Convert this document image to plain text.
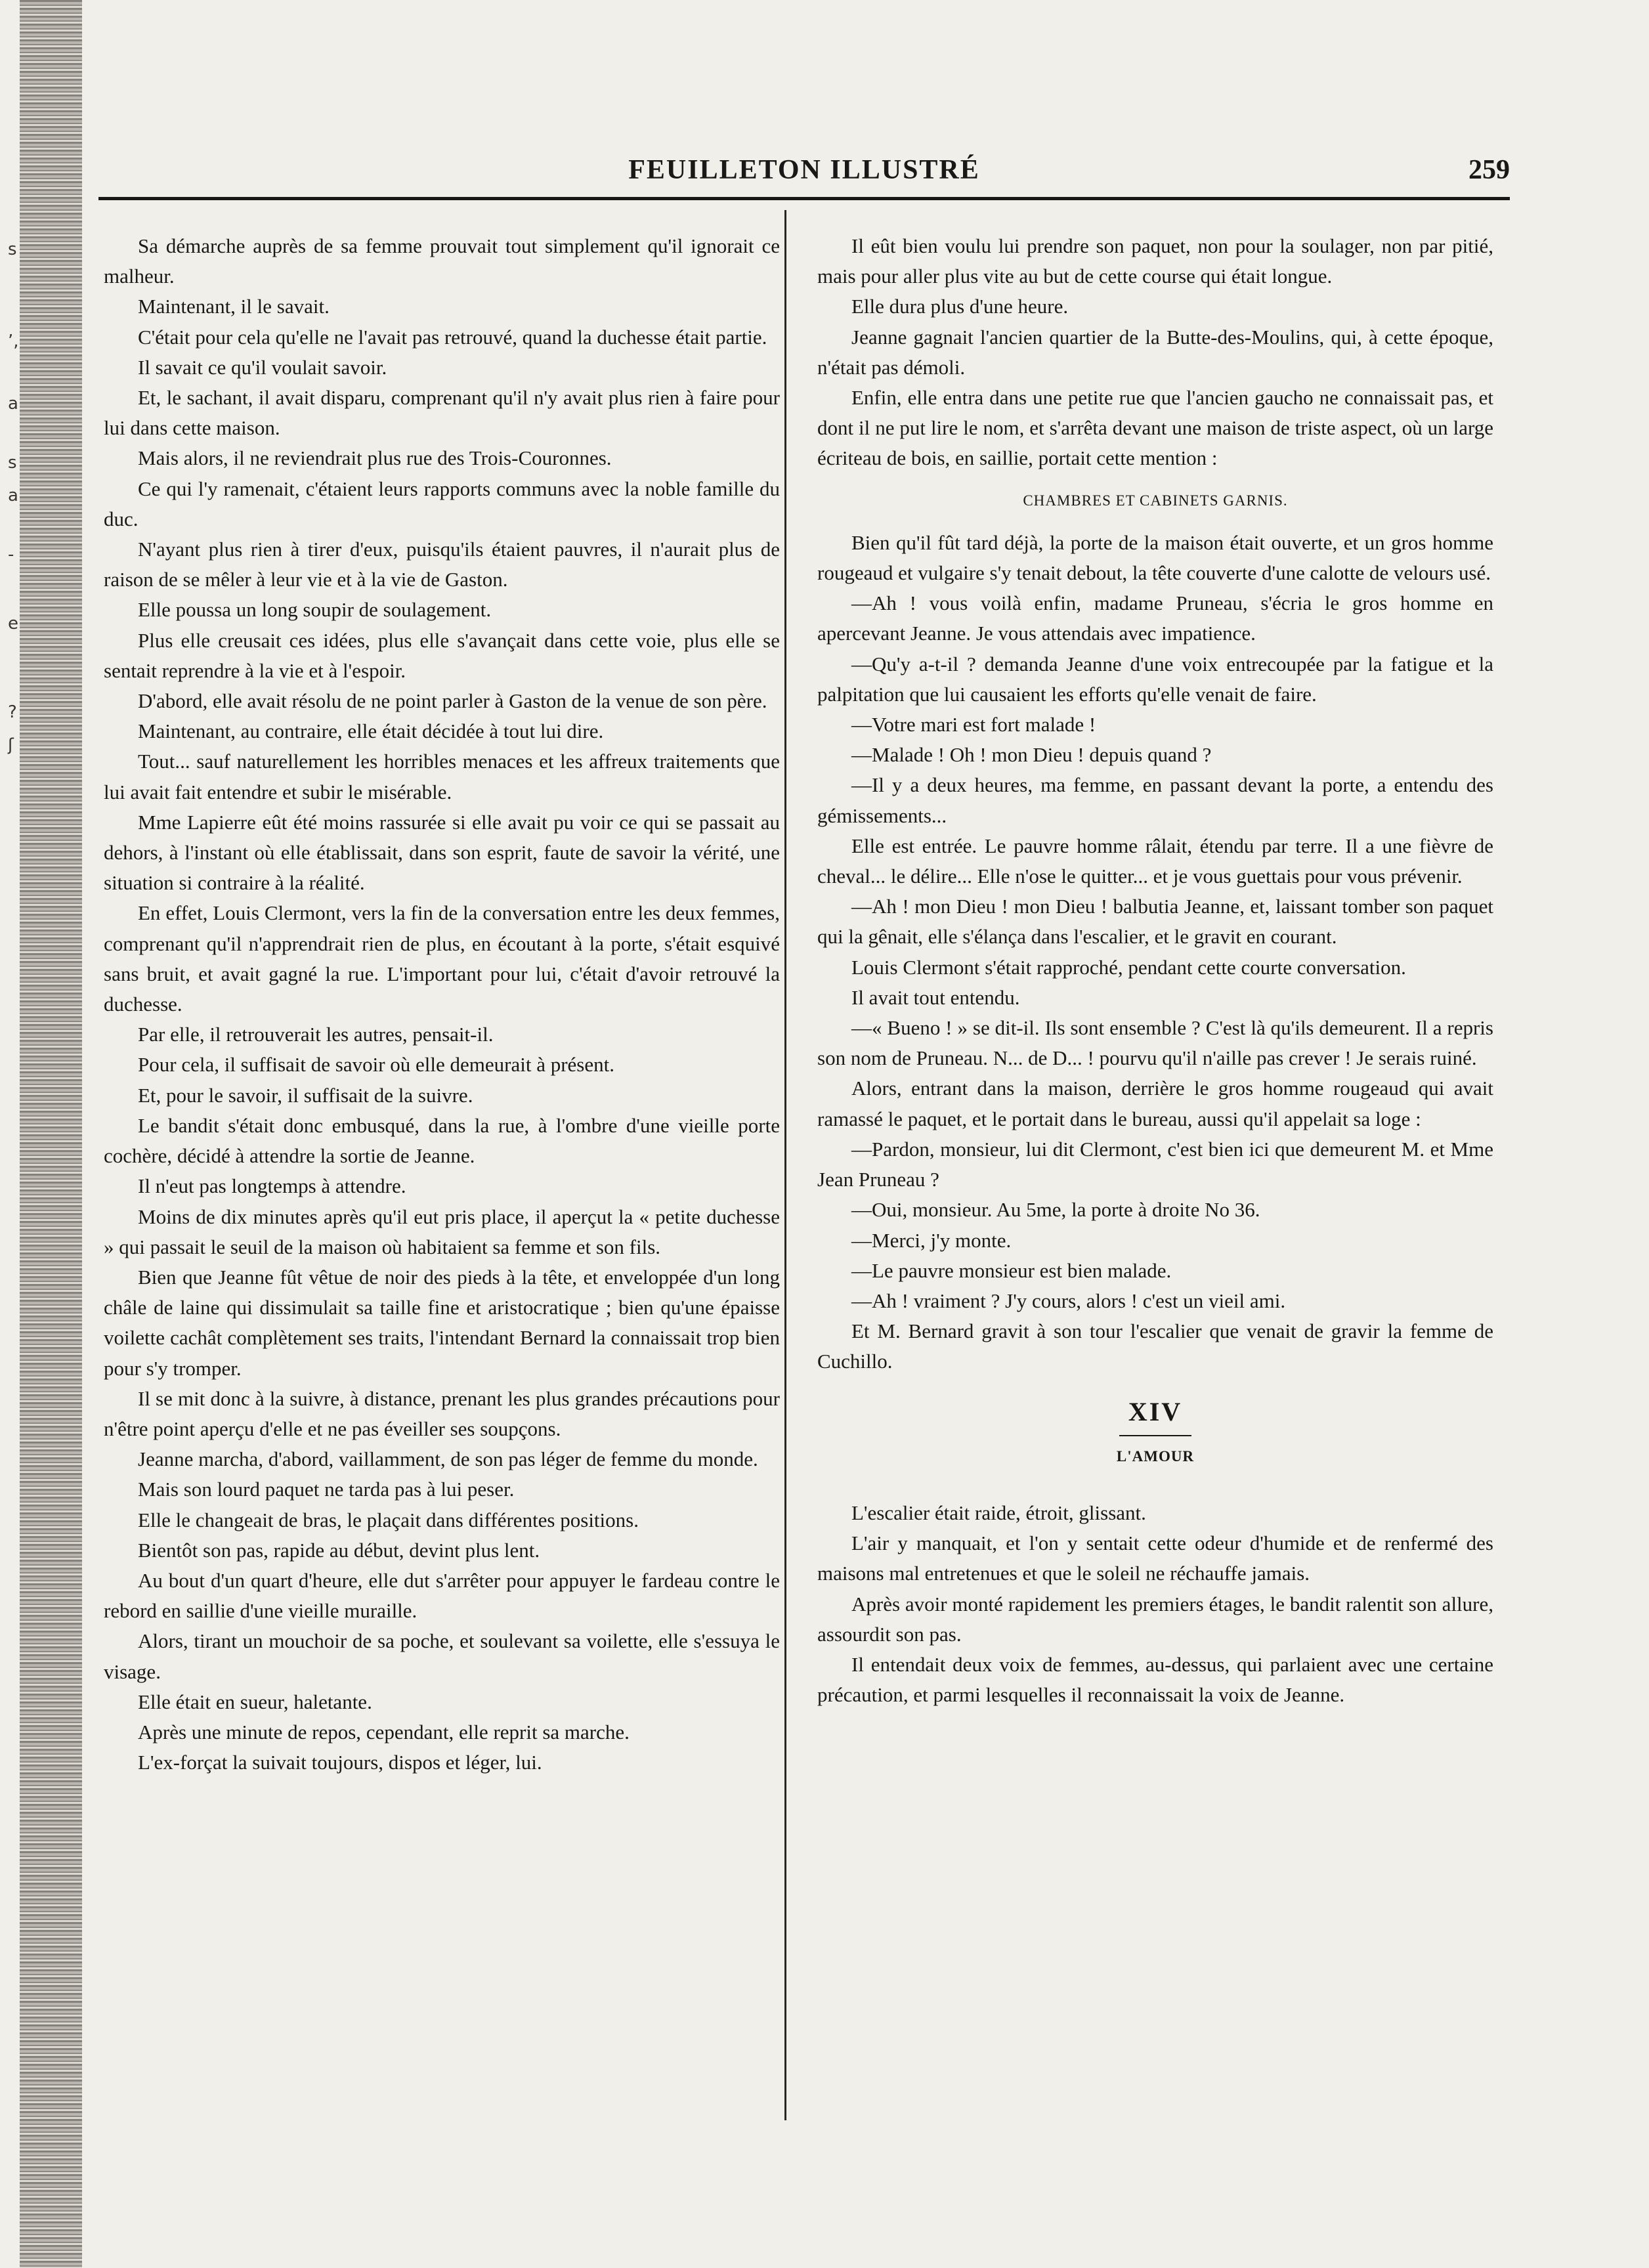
s
’,
a
s
a
-
e
?
ʃ
FEUILLETON ILLUSTRÉ	259

Sa démarche auprès de sa femme prouvait tout simplement qu'il ignorait ce malheur.

Maintenant, il le savait.

C'était pour cela qu'elle ne l'avait pas retrouvé, quand la duchesse était partie.

Il savait ce qu'il voulait savoir.

Et, le sachant, il avait disparu, comprenant qu'il n'y avait plus rien à faire pour lui dans cette maison.

Mais alors, il ne reviendrait plus rue des Trois-Couronnes.

Ce qui l'y ramenait, c'étaient leurs rapports communs avec la noble famille du duc.

N'ayant plus rien à tirer d'eux, puisqu'ils étaient pauvres, il n'aurait plus de raison de se mêler à leur vie et à la vie de Gaston.

Elle poussa un long soupir de soulagement.

Plus elle creusait ces idées, plus elle s'avançait dans cette voie, plus elle se sentait reprendre à la vie et à l'espoir.

D'abord, elle avait résolu de ne point parler à Gaston de la venue de son père.

Maintenant, au contraire, elle était décidée à tout lui dire.

Tout... sauf naturellement les horribles menaces et les affreux traitements que lui avait fait entendre et subir le misérable.

Mme Lapierre eût été moins rassurée si elle avait pu voir ce qui se passait au dehors, à l'instant où elle établissait, dans son esprit, faute de savoir la vérité, une situation si contraire à la réalité.

En effet, Louis Clermont, vers la fin de la conversation entre les deux femmes, comprenant qu'il n'apprendrait rien de plus, en écoutant à la porte, s'était esquivé sans bruit, et avait gagné la rue. L'important pour lui, c'était d'avoir retrouvé la duchesse.

Par elle, il retrouverait les autres, pensait-il.

Pour cela, il suffisait de savoir où elle demeurait à présent.

Et, pour le savoir, il suffisait de la suivre.

Le bandit s'était donc embusqué, dans la rue, à l'ombre d'une vieille porte cochère, décidé à attendre la sortie de Jeanne.

Il n'eut pas longtemps à attendre.

Moins de dix minutes après qu'il eut pris place, il aperçut la « petite duchesse » qui passait le seuil de la maison où habitaient sa femme et son fils.

Bien que Jeanne fût vêtue de noir des pieds à la tête, et enveloppée d'un long châle de laine qui dissimulait sa taille fine et aristocratique ; bien qu'une épaisse voilette cachât complètement ses traits, l'intendant Bernard la connaissait trop bien pour s'y tromper.

Il se mit donc à la suivre, à distance, prenant les plus grandes précautions pour n'être point aperçu d'elle et ne pas éveiller ses soupçons.

Jeanne marcha, d'abord, vaillamment, de son pas léger de femme du monde.

Mais son lourd paquet ne tarda pas à lui peser.

Elle le changeait de bras, le plaçait dans différentes positions.

Bientôt son pas, rapide au début, devint plus lent.

Au bout d'un quart d'heure, elle dut s'arrêter pour appuyer le fardeau contre le rebord en saillie d'une vieille muraille.

Alors, tirant un mouchoir de sa poche, et soulevant sa voilette, elle s'essuya le visage.

Elle était en sueur, haletante.

Après une minute de repos, cependant, elle reprit sa marche.

L'ex-forçat la suivait toujours, dispos et léger, lui.

Il eût bien voulu lui prendre son paquet, non pour la soulager, non par pitié, mais pour aller plus vite au but de cette course qui était longue.

Elle dura plus d'une heure.

Jeanne gagnait l'ancien quartier de la Butte-des-Moulins, qui, à cette époque, n'était pas démoli.

Enfin, elle entra dans une petite rue que l'ancien gaucho ne connaissait pas, et dont il ne put lire le nom, et s'arrêta devant une maison de triste aspect, où un large écriteau de bois, en saillie, portait cette mention :

CHAMBRES ET CABINETS GARNIS.

Bien qu'il fût tard déjà, la porte de la maison était ouverte, et un gros homme rougeaud et vulgaire s'y tenait debout, la tête couverte d'une calotte de velours usé.

—Ah ! vous voilà enfin, madame Pruneau, s'écria le gros homme en apercevant Jeanne. Je vous attendais avec impatience.

—Qu'y a-t-il ? demanda Jeanne d'une voix entrecoupée par la fatigue et la palpitation que lui causaient les efforts qu'elle venait de faire.

—Votre mari est fort malade !

—Malade ! Oh ! mon Dieu ! depuis quand ?

—Il y a deux heures, ma femme, en passant devant la porte, a entendu des gémissements...

Elle est entrée. Le pauvre homme râlait, étendu par terre. Il a une fièvre de cheval... le délire... Elle n'ose le quitter... et je vous guettais pour vous prévenir.

—Ah ! mon Dieu ! mon Dieu ! balbutia Jeanne, et, laissant tomber son paquet qui la gênait, elle s'élança dans l'escalier, et le gravit en courant.

Louis Clermont s'était rapproché, pendant cette courte conversation.

Il avait tout entendu.

—« Bueno ! » se dit-il. Ils sont ensemble ? C'est là qu'ils demeurent. Il a repris son nom de Pruneau. N... de D... ! pourvu qu'il n'aille pas crever ! Je serais ruiné.

Alors, entrant dans la maison, derrière le gros homme rougeaud qui avait ramassé le paquet, et le portait dans le bureau, aussi qu'il appelait sa loge :

—Pardon, monsieur, lui dit Clermont, c'est bien ici que demeurent M. et Mme Jean Pruneau ?

—Oui, monsieur. Au 5me, la porte à droite No 36.

—Merci, j'y monte.

—Le pauvre monsieur est bien malade.

—Ah ! vraiment ? J'y cours, alors ! c'est un vieil ami.

Et M. Bernard gravit à son tour l'escalier que venait de gravir la femme de Cuchillo.

XIV

L'AMOUR

L'escalier était raide, étroit, glissant.

L'air y manquait, et l'on y sentait cette odeur d'humide et de renfermé des maisons mal entretenues et que le soleil ne réchauffe jamais.

Après avoir monté rapidement les premiers étages, le bandit ralentit son allure, assourdit son pas.

Il entendait deux voix de femmes, au-dessus, qui parlaient avec une certaine précaution, et parmi lesquelles il reconnaissait la voix de Jeanne.
